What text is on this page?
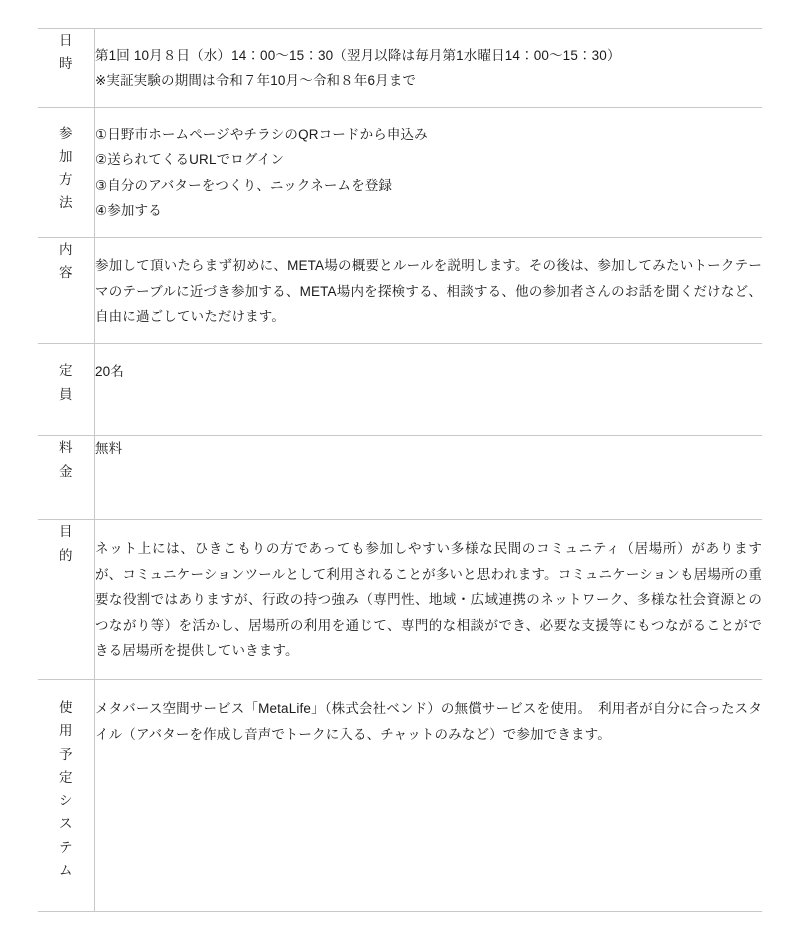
日時	第1回 10月８日（水）14：00〜15：30（翌月以降は毎月第1水曜日14：00〜15：30）
※実証実験の期間は令和７年10月〜令和８年6月まで

参加方法	①日野市ホームページやチラシのQRコードから申込み
②送られてくるURLでログイン
③自分のアバターをつくり、ニックネームを登録
④参加する

内容	参加して頂いたらまず初めに、META場の概要とルールを説明します。その後は、参加してみたいトークテーマのテーブルに近づき参加する、META場内を探検する、相談する、他の参加者さんのお話を聞くだけなど、自由に過ごしていただけます。

定員	20名

料金	無料

目的	ネット上には、ひきこもりの方であっても参加しやすい多様な民間のコミュニティ（居場所）がありますが、コミュニケーションツールとして利用されることが多いと思われます。コミュニケーションも居場所の重要な役割ではありますが、行政の持つ強み（専門性、地域・広域連携のネットワーク、多様な社会資源とのつながり等）を活かし、居場所の利用を通じて、専門的な相談ができ、必要な支援等にもつながることができる居場所を提供していきます。

使用予定システム	メタバース空間サービス「MetaLife」（株式会社ベンド）の無償サービスを使用。　利用者が自分に合ったスタイル（アバターを作成し音声でトークに入る、チャットのみなど）で参加できます。
